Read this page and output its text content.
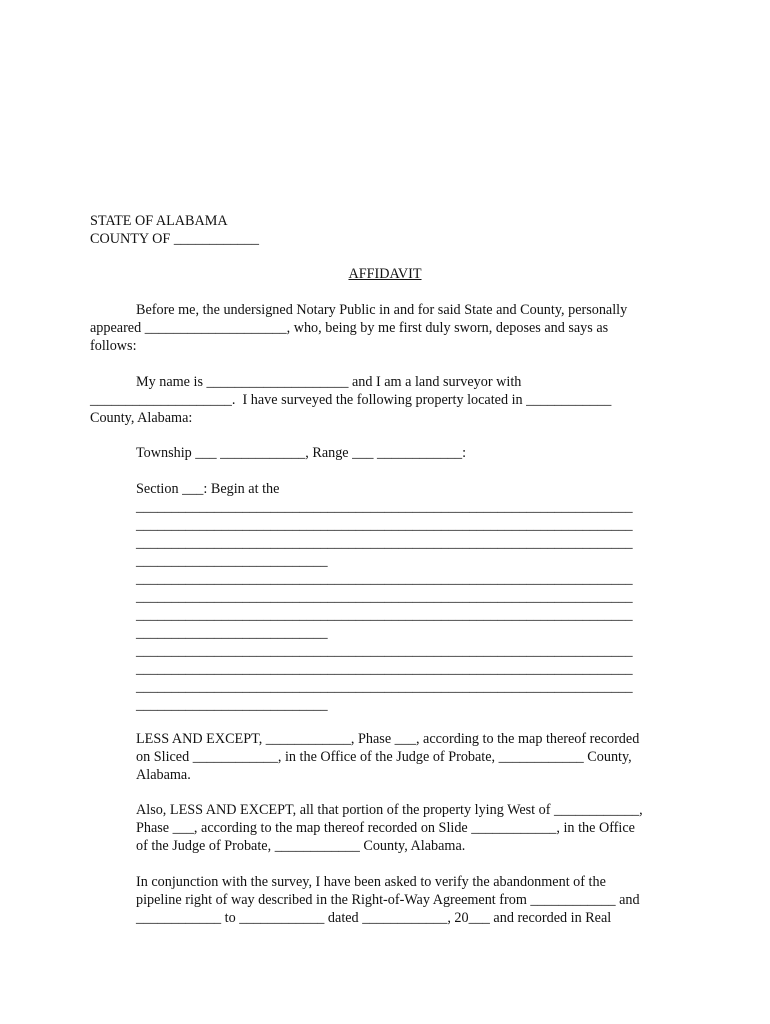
STATE OF ALABAMA
COUNTY OF ____________
AFFIDAVIT
Before me, the undersigned Notary Public in and for said State and County, personally
appeared ____________________, who, being by me first duly sworn, deposes and says as
follows:
My name is ____________________ and I am a land surveyor with
____________________.  I have surveyed the following property located in ____________
County, Alabama:
Township ___ ____________, Range ___ ____________:
Section ___: Begin at the
______________________________________________________________________
______________________________________________________________________
______________________________________________________________________
___________________________
______________________________________________________________________
______________________________________________________________________
______________________________________________________________________
___________________________
______________________________________________________________________
______________________________________________________________________
______________________________________________________________________
___________________________
LESS AND EXCEPT, ____________, Phase ___, according to the map thereof recorded
on Sliced ____________, in the Office of the Judge of Probate, ____________ County,
Alabama.
Also, LESS AND EXCEPT, all that portion of the property lying West of ____________,
Phase ___, according to the map thereof recorded on Slide ____________, in the Office
of the Judge of Probate, ____________ County, Alabama.
In conjunction with the survey, I have been asked to verify the abandonment of the
pipeline right of way described in the Right-of-Way Agreement from ____________ and
____________ to ____________ dated ____________, 20___ and recorded in Real
